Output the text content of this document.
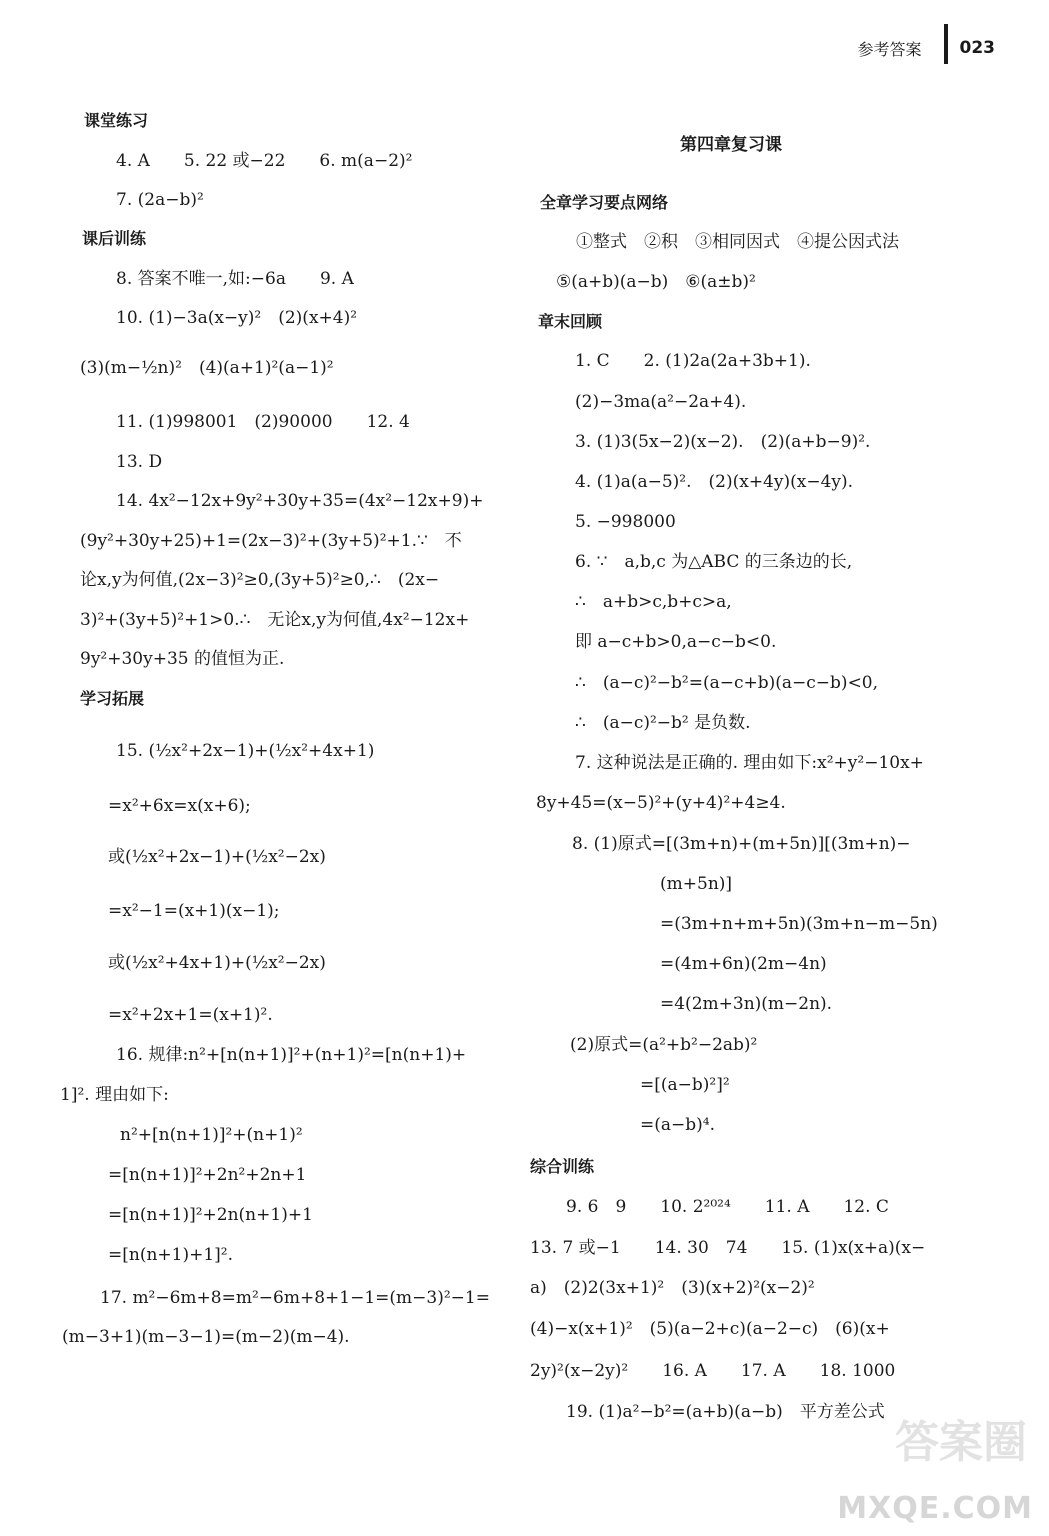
参考答案 023
课堂练习
4. A　　5. 22 或−22　　6. m(a−2)²
7. (2a−b)²
课后训练
8. 答案不唯一,如:−6a　　9. A
10. (1)−3a(x−y)²　(2)(x+4)²
(3)(m−½n)²　(4)(a+1)²(a−1)²
11. (1)998001　(2)90000　　12. 4
13. D
14. 4x²−12x+9y²+30y+35=(4x²−12x+9)+
(9y²+30y+25)+1=(2x−3)²+(3y+5)²+1.∵　不
论x,y为何值,(2x−3)²≥0,(3y+5)²≥0,∴　(2x−
3)²+(3y+5)²+1>0.∴　无论x,y为何值,4x²−12x+
9y²+30y+35 的值恒为正.
学习拓展
15. (½x²+2x−1)+(½x²+4x+1)
=x²+6x=x(x+6);
或(½x²+2x−1)+(½x²−2x)
=x²−1=(x+1)(x−1);
或(½x²+4x+1)+(½x²−2x)
=x²+2x+1=(x+1)².
16. 规律:n²+[n(n+1)]²+(n+1)²=[n(n+1)+
1]². 理由如下:
n²+[n(n+1)]²+(n+1)²
=[n(n+1)]²+2n²+2n+1
=[n(n+1)]²+2n(n+1)+1
=[n(n+1)+1]².
17. m²−6m+8=m²−6m+8+1−1=(m−3)²−1=
(m−3+1)(m−3−1)=(m−2)(m−4).
第四章复习课
全章学习要点网络
①整式　②积　③相同因式　④提公因式法
⑤(a+b)(a−b)　⑥(a±b)²
章末回顾
1. C　　2. (1)2a(2a+3b+1).
(2)−3ma(a²−2a+4).
3. (1)3(5x−2)(x−2).　(2)(a+b−9)².
4. (1)a(a−5)².　(2)(x+4y)(x−4y).
5. −998000
6. ∵　a,b,c 为△ABC 的三条边的长,
∴　a+b>c,b+c>a,
即 a−c+b>0,a−c−b<0.
∴　(a−c)²−b²=(a−c+b)(a−c−b)<0,
∴　(a−c)²−b² 是负数.
7. 这种说法是正确的. 理由如下:x²+y²−10x+
8y+45=(x−5)²+(y+4)²+4≥4.
8. (1)原式=[(3m+n)+(m+5n)][(3m+n)−
(m+5n)]
=(3m+n+m+5n)(3m+n−m−5n)
=(4m+6n)(2m−4n)
=4(2m+3n)(m−2n).
(2)原式=(a²+b²−2ab)²
=[(a−b)²]²
=(a−b)⁴.
综合训练
9. 6　9　　10. 2²⁰²⁴　　11. A　　12. C
13. 7 或−1　　14. 30　74　　15. (1)x(x+a)(x−
a)　(2)2(3x+1)²　(3)(x+2)²(x−2)²
(4)−x(x+1)²　(5)(a−2+c)(a−2−c)　(6)(x+
2y)²(x−2y)²　　16. A　　17. A　　18. 1000
19. (1)a²−b²=(a+b)(a−b)　平方差公式
答案圈
MXQE.COM
